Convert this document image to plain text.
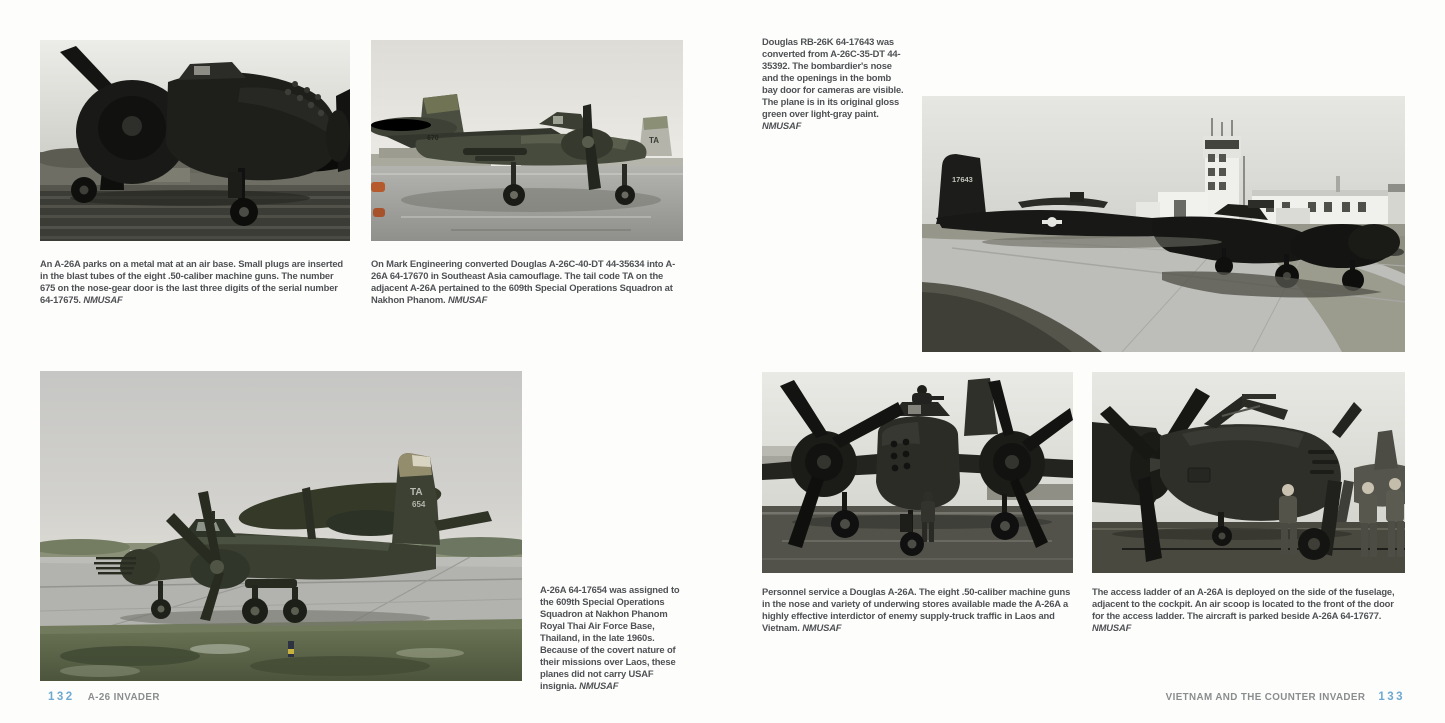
TA
670

An A-26A parks on a metal mat at an air base. Small plugs are inserted in the blast tubes of the eight .50-caliber machine guns. The number 675 on the nose-gear door is the last three digits of the serial number 64-17675. NMUSAF

On Mark Engineering converted Douglas A-26C-40-DT 44-35634 into A-26A 64-17670 in Southeast Asia camouflage. The tail code TA on the adjacent A-26A pertained to the 609th Special Operations Squadron at Nakhon Phanom. NMUSAF

TA
654

A-26A 64-17654 was assigned to the 609th Special Operations Squadron at Nakhon Phanom Royal Thai Air Force Base, Thailand, in the late 1960s. Because of the covert nature of their missions over Laos, these planes did not carry USAF insignia. NMUSAF

132 A-26 INVADER

Douglas RB-26K 64-17643 was converted from A-26C-35-DT 44-35392. The bombardier's nose and the openings in the bomb bay door for cameras are visible. The plane is in its original gloss green over light-gray paint. NMUSAF

17643

Personnel service a Douglas A-26A. The eight .50-caliber machine guns in the nose and variety of underwing stores available made the A-26A a highly effective interdictor of enemy supply-truck traffic in Laos and Vietnam. NMUSAF

The access ladder of an A-26A is deployed on the side of the fuselage, adjacent to the cockpit. An air scoop is located to the front of the door for the access ladder. The aircraft is parked beside A-26A 64-17677. NMUSAF

VIETNAM AND THE COUNTER INVADER 133
